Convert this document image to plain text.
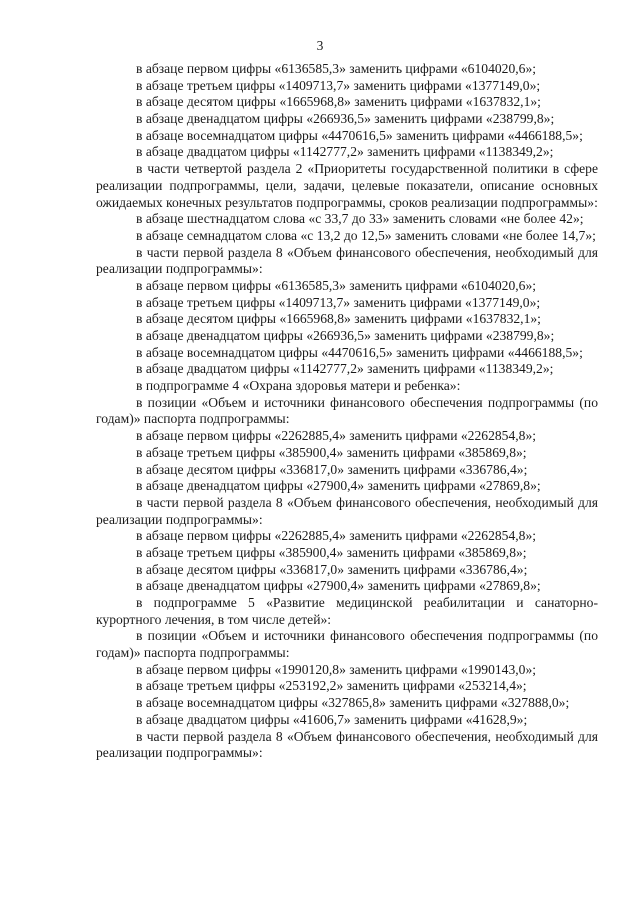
3

в абзаце первом цифры «6136585,3» заменить цифрами «6104020,6»;

в абзаце третьем цифры «1409713,7» заменить цифрами «1377149,0»;

в абзаце десятом цифры «1665968,8» заменить цифрами «1637832,1»;

в абзаце двенадцатом цифры «266936,5» заменить цифрами «238799,8»;

в абзаце восемнадцатом цифры «4470616,5» заменить цифрами «4466188,5»;

в абзаце двадцатом цифры «1142777,2» заменить цифрами «1138349,2»;

в части четвертой раздела 2 «Приоритеты государственной политики в сфере реализации подпрограммы, цели, задачи, целевые показатели, описание основных ожидаемых конечных результатов подпрограммы, сроков реализации подпрограммы»:

в абзаце шестнадцатом слова «с 33,7 до 33» заменить словами «не более 42»;

в абзаце семнадцатом слова «с 13,2 до 12,5» заменить словами «не более 14,7»;

в части первой раздела 8 «Объем финансового обеспечения, необходимый для реализации подпрограммы»:

в абзаце первом цифры «6136585,3» заменить цифрами «6104020,6»;

в абзаце третьем цифры «1409713,7» заменить цифрами «1377149,0»;

в абзаце десятом цифры «1665968,8» заменить цифрами «1637832,1»;

в абзаце двенадцатом цифры «266936,5» заменить цифрами «238799,8»;

в абзаце восемнадцатом цифры «4470616,5» заменить цифрами «4466188,5»;

в абзаце двадцатом цифры «1142777,2» заменить цифрами «1138349,2»;

в подпрограмме 4 «Охрана здоровья матери и ребенка»:

в позиции «Объем и источники финансового обеспечения подпрограммы (по годам)» паспорта подпрограммы:

в абзаце первом цифры «2262885,4» заменить цифрами «2262854,8»;

в абзаце третьем цифры «385900,4» заменить цифрами «385869,8»;

в абзаце десятом цифры «336817,0» заменить цифрами «336786,4»;

в абзаце двенадцатом цифры «27900,4» заменить цифрами «27869,8»;

в части первой раздела 8 «Объем финансового обеспечения, необходимый для реализации подпрограммы»:

в абзаце первом цифры «2262885,4» заменить цифрами «2262854,8»;

в абзаце третьем цифры «385900,4» заменить цифрами «385869,8»;

в абзаце десятом цифры «336817,0» заменить цифрами «336786,4»;

в абзаце двенадцатом цифры «27900,4» заменить цифрами «27869,8»;

в подпрограмме 5 «Развитие медицинской реабилитации и санаторно-курортного лечения, в том числе детей»:

в позиции «Объем и источники финансового обеспечения подпрограммы (по годам)» паспорта подпрограммы:

в абзаце первом цифры «1990120,8» заменить цифрами «1990143,0»;

в абзаце третьем цифры «253192,2» заменить цифрами «253214,4»;

в абзаце восемнадцатом цифры «327865,8» заменить цифрами «327888,0»;

в абзаце двадцатом цифры «41606,7» заменить цифрами «41628,9»;

в части первой раздела 8 «Объем финансового обеспечения, необходимый для реализации подпрограммы»:
